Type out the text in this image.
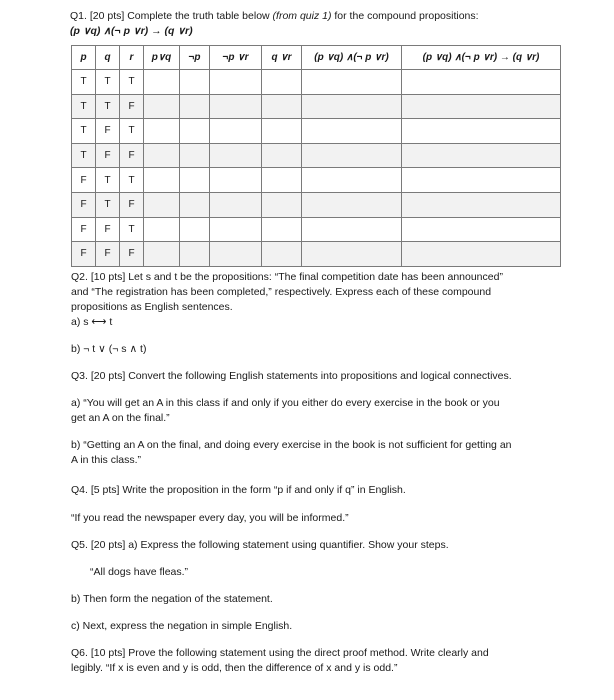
Q1. [20 pts] Complete the truth table below (from quiz 1) for the compound propositions:
(p ∨q) ∧(¬ p ∨r) → (q ∨r)
p	q	r	p∨q	¬p	¬p ∨r	q ∨r	(p ∨q) ∧(¬ p ∨r)	(p ∨q) ∧(¬ p ∨r) → (q ∨r)
T	T	T						
T	T	F						
T	F	T						
T	F	F						
F	T	T						
F	T	F						
F	F	T						
F	F	F						
Q2. [10 pts] Let s and t be the propositions: “The final competition date has been announced”
and “The registration has been completed,” respectively. Express each of these compound
propositions as English sentences.
a) s ⟷ t
b) ¬ t ∨ (¬ s ∧ t)
Q3. [20 pts] Convert the following English statements into propositions and logical connectives.
a) “You will get an A in this class if and only if you either do every exercise in the book or you
get an A on the final.”
b) “Getting an A on the final, and doing every exercise in the book is not sufficient for getting an
A in this class.”
Q4. [5 pts] Write the proposition in the form “p if and only if q” in English.
“If you read the newspaper every day, you will be informed.”
Q5. [20 pts] a) Express the following statement using quantifier. Show your steps.
“All dogs have fleas.”
b) Then form the negation of the statement.
c) Next, express the negation in simple English.
Q6. [10 pts] Prove the following statement using the direct proof method. Write clearly and
legibly. “If x is even and y is odd, then the difference of x and y is odd.”
